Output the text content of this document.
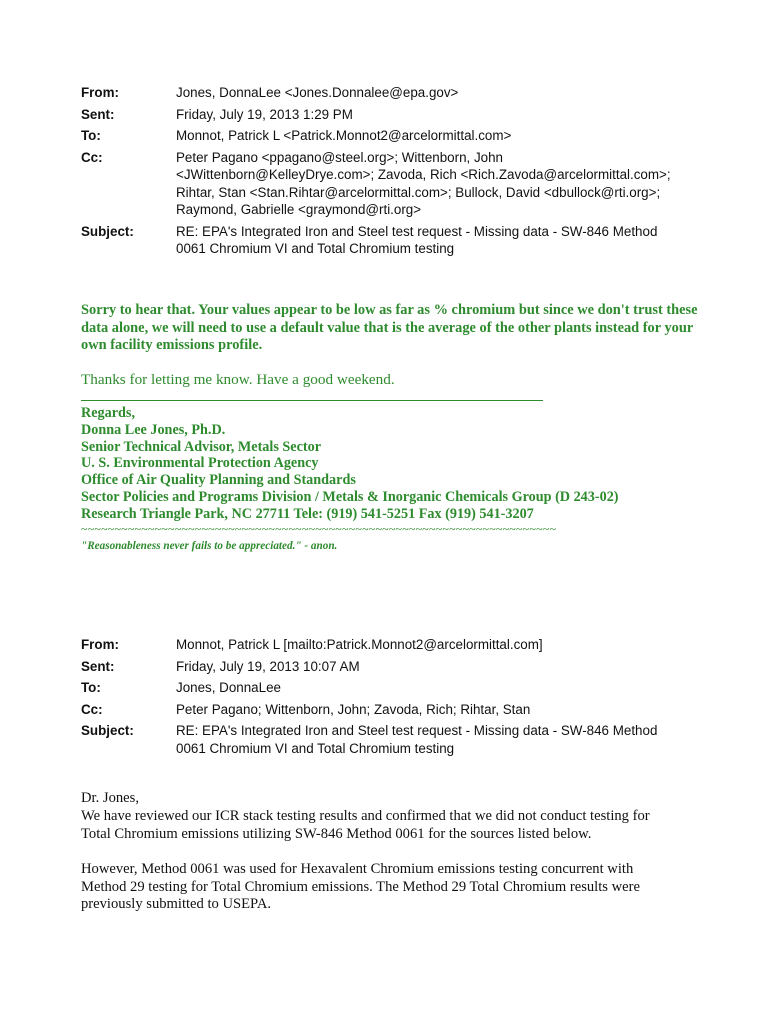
From:	Jones, DonnaLee <Jones.Donnalee@epa.gov>
Sent:	Friday, July 19, 2013 1:29 PM
To:	Monnot, Patrick L <Patrick.Monnot2@arcelormittal.com>
Cc:	Peter Pagano <ppagano@steel.org>; Wittenborn, John
<JWittenborn@KelleyDrye.com>; Zavoda, Rich <Rich.Zavoda@arcelormittal.com>;
Rihtar, Stan <Stan.Rihtar@arcelormittal.com>; Bullock, David <dbullock@rti.org>;
Raymond, Gabrielle <graymond@rti.org>
Subject:	RE: EPA's Integrated Iron and Steel test request - Missing data - SW-846 Method
0061 Chromium VI and Total Chromium testing
Sorry to hear that. Your values appear to be low as far as % chromium but since we don't trust these data alone, we will need to use a default value that is the average of the other plants instead for your own facility emissions profile.
Thanks for letting me know. Have a good weekend.
Regards,
Donna Lee Jones, Ph.D.
Senior Technical Advisor, Metals Sector
U. S. Environmental Protection Agency
Office of Air Quality Planning and Standards
Sector Policies and Programs Division / Metals & Inorganic Chemicals Group (D 243-02)
Research Triangle Park, NC 27711 Tele: (919) 541-5251 Fax (919) 541-3207
~~~~~~~~~~~~~~~~~~~~~~~~~~~~~~~~~~~~~~~~~~~~~~~~~~~~~~~~~~~~~~~~~~~~~~~
"Reasonableness never fails to be appreciated." - anon.
From:	Monnot, Patrick L [mailto:Patrick.Monnot2@arcelormittal.com]
Sent:	Friday, July 19, 2013 10:07 AM
To:	Jones, DonnaLee
Cc:	Peter Pagano; Wittenborn, John; Zavoda, Rich; Rihtar, Stan
Subject:	RE: EPA's Integrated Iron and Steel test request - Missing data - SW-846 Method
0061 Chromium VI and Total Chromium testing

Dr. Jones,
We have reviewed our ICR stack testing results and confirmed that we did not conduct testing for Total Chromium emissions utilizing SW-846 Method 0061 for the sources listed below.

However, Method 0061 was used for Hexavalent Chromium emissions testing concurrent with Method 29 testing for Total Chromium emissions. The Method 29 Total Chromium results were previously submitted to USEPA.
